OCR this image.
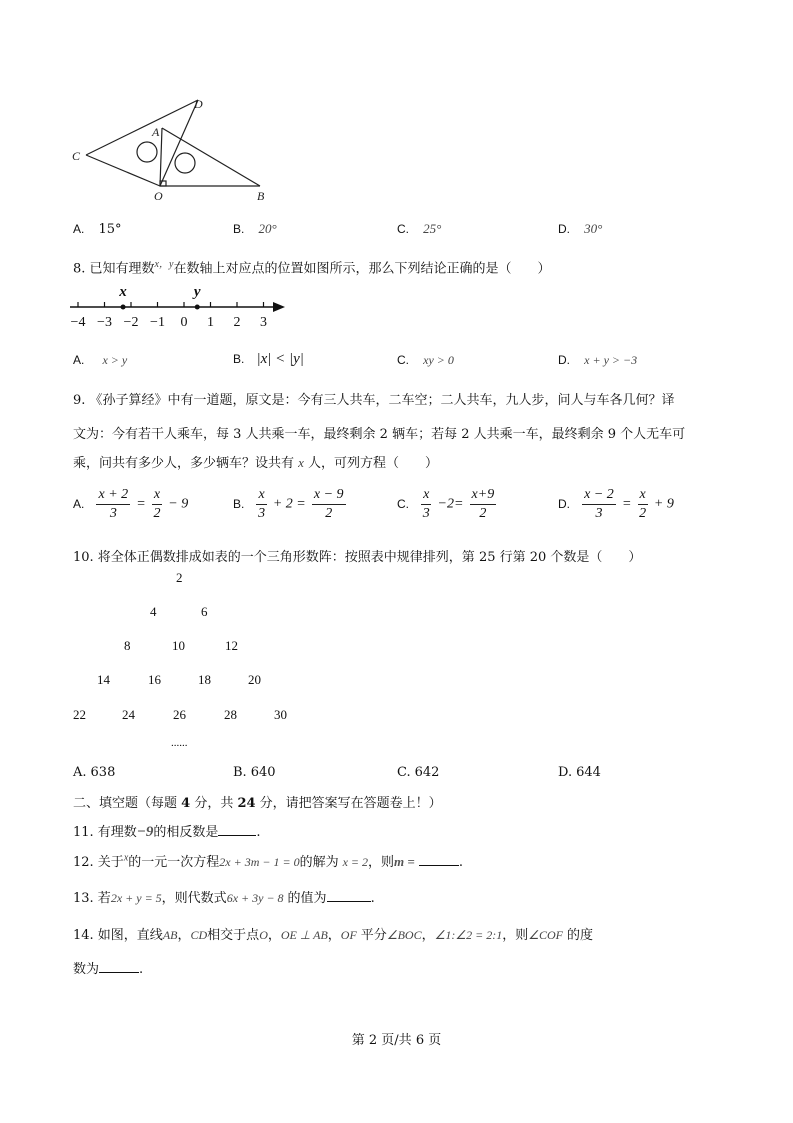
D
A
C
O	B
A. 15°	B. 20°	C. 25°	D. 30°
8. 已知有理数$^{x,y}$在数轴上对应点的位置如图所示，那么下列结论正确的是（　　）
−4 −3 −2 −1 0 1 2 3
x	y
A. x > y	B. |x| < |y|	C. xy > 0	D. x + y > −3
9. 《孙子算经》中有一道题，原文是：今有三人共车，二车空；二人共车，九人步，问人与车各几何？译
文为：今有若干人乘车，每 3 人共乘一车，最终剩余 2 辆车；若每 2 人共乘一车，最终剩余 9 个人无车可
乘，问共有多少人，多少辆车？设共有 x 人，可列方程（　　）
A. $\frac{x + 2}{3} = \frac{x}{2} - 9$	B. $\frac{x}{3} + 2 = \frac{x - 9}{2}$	C. $\frac{x}{3} -2= \frac{x+9}{2}$	D. $\frac{x - 2}{3} = \frac{x}{2} + 9$
10. 将全体正偶数排成如表的一个三角形数阵：按照表中规律排列，第 25 行第 20 个数是（　　）
2
4	6
8	10	12
14	16	18	20
22	24	26	28	30
......
A. 638	B. 640	C. 642	D. 644
二、填空题（每题 4 分，共 24 分，请把答案写在答题卷上！）
11. 有理数−9的相反数是	.
12. 关于$^x$的一元一次方程2x + 3m − 1 = 0的解为 x = 2，则m =	.
13. 若2x + y = 5，则代数式6x + 3y − 8 的值为	.
14. 如图，直线AB，CD相交于点O，OE ⊥ AB，OF 平分∠BOC，∠1:∠2 = 2:1，则∠COF 的度
数为	.
第 2 页/共 6 页
